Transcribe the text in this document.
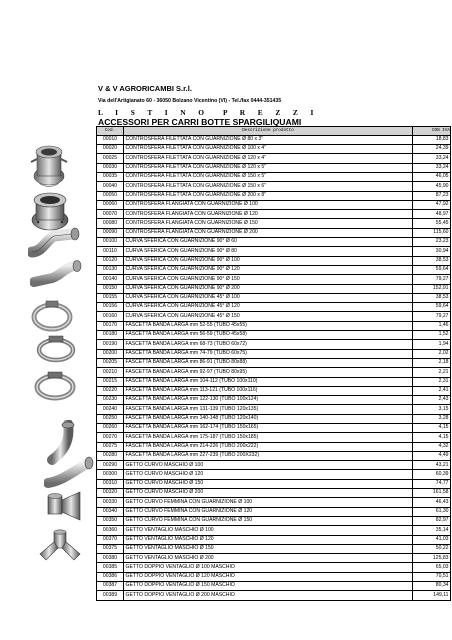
V & V AGRORICAMBI S.r.l.
Via dell'Artigianato 60 - 36050 Bolzano Vicentino (VI) - Tel./fax 0444-351435
L I S T I N O P R E Z Z I
ACCESSORI PER CARRI BOTTE SPARGILIQUAMI
Cod.	Descrizione prodotto	CON IVA
00010	CONTROSFERA FILETTATA CON GUARNIZIONE Ø 80 x 3"	18,83
00020	CONTROSFERA FILETTATA CON GUARNIZIONE Ø 100 x 4"	24,39
00025	CONTROSFERA FILETTATA CON GUARNIZIONE Ø 120 x 4"	33,24
00030	CONTROSFERA FILETTATA CON GUARNIZIONE Ø 120 x 5"	33,24
00035	CONTROSFERA FILETTATA CON GUARNIZIONE Ø 150 x 5"	46,05
00040	CONTROSFERA FILETTATA CON GUARNIZIONE Ø 150 x 6"	45,90
00050	CONTROSFERA FILETTATA CON GUARNIZIONE Ø 200 x 8"	87,23
00060	CONTROSFERA FLANGIATA CON GUARNIZIONE Ø 100	47,92
00070	CONTROSFERA FLANGIATA CON GUARNIZIONE Ø 120	48,97
00080	CONTROSFERA FLANGIATA CON GUARNIZIONE Ø 150	55,45
00090	CONTROSFERA FLANGIATA CON GUARNIZIONE Ø 200	115,60
00100	CURVA SFERICA CON GUARNIZIONE 90° Ø 60	23,23
00110	CURVA SFERICA CON GUARNIZIONE 90° Ø 80	30,94
00120	CURVA SFERICA CON GUARNIZIONE 90° Ø 100	38,53
00130	CURVA SFERICA CON GUARNIZIONE 90° Ø 120	59,64
00140	CURVA SFERICA CON GUARNIZIONE 90° Ø 150	79,27
00150	CURVA SFERICA CON GUARNIZIONE 90° Ø 200	152,91
00155	CURVA SFERICA CON GUARNIZIONE 45° Ø 100	38,53
00156	CURVA SFERICA CON GUARNIZIONE 45° Ø 120	59,64
00160	CURVA SFERICA CON GUARNIZIONE 45° Ø 150	79,27
00170	FASCETTA BANDA LARGA mm 52-55 (TUBO 45x55)	1,46
00180	FASCETTA BANDA LARGA mm 56-59 (TUBO 45x58)	1,52
00190	FASCETTA BANDA LARGA mm 68-73 (TUBO 60x72)	1,94
00200	FASCETTA BANDA LARGA mm 74-79 (TUBO 60x75)	2,02
00205	FASCETTA BANDA LARGA mm 86-91 (TUBO 80x88)	2,18
00210	FASCETTA BANDA LARGA mm 92-97 (TUBO 80x95)	2,21
00215	FASCETTA BANDA LARGA mm 104-112 (TUBO 100x110)	2,31
00220	FASCETTA BANDA LARGA mm 113-121 (TUBO 100x116)	2,41
00230	FASCETTA BANDA LARGA mm 122-130 (TUBO 100x124)	2,43
00240	FASCETTA BANDA LARGA mm 131-139 (TUBO 120x135)	3,15
00250	FASCETTA BANDA LARGA mm 140-148 (TUBO 120x140)	3,28
00260	FASCETTA BANDA LARGA mm 162-174 (TUBO 150x165)	4,15
00270	FASCETTA BANDA LARGA mm 175-187 (TUBO 150x185)	4,15
00275	FASCETTA BANDA LARGA mm 214-226 (TUBO 200x222)	4,32
00280	FASCETTA BANDA LARGA mm 227-239 (TUBO 200X232)	4,49
00290	GETTO CURVO MASCHIO Ø 100	43,21
00300	GETTO CURVO MASCHIO Ø 120	60,39
00310	GETTO CURVO MASCHIO Ø 150	74,77
00320	GETTO CURVO MASCHIO Ø 200	161,58
00330	GETTO CURVO FEMMINA CON GUARNIZIONE Ø 100	46,43
00340	GETTO CURVO FEMMINA CON GUARNIZIONE Ø 120	61,30
00350	GETTO CURVO FEMMINA CON GUARNIZIONE Ø 150	82,97
00360	GETTO VENTAGLIO MASCHIO Ø 100	35,14
00370	GETTO VENTAGLIO MASCHIO Ø 120	41,03
00375	GETTO VENTAGLIO MASCHIO Ø 150	50,22
00380	GETTO VENTAGLIO MASCHIO Ø 200	125,83
00385	GETTO DOPPIO VENTAGLIO Ø 100 MASCHIO	65,03
00386	GETTO DOPPIO VENTAGLIO Ø 120 MASCHIO	70,51
00387	GETTO DOPPIO VENTAGLIO Ø 150 MASCHIO	80,34
00389	GETTO DOPPIO VENTAGLIO Ø 200 MASCHIO	149,11
